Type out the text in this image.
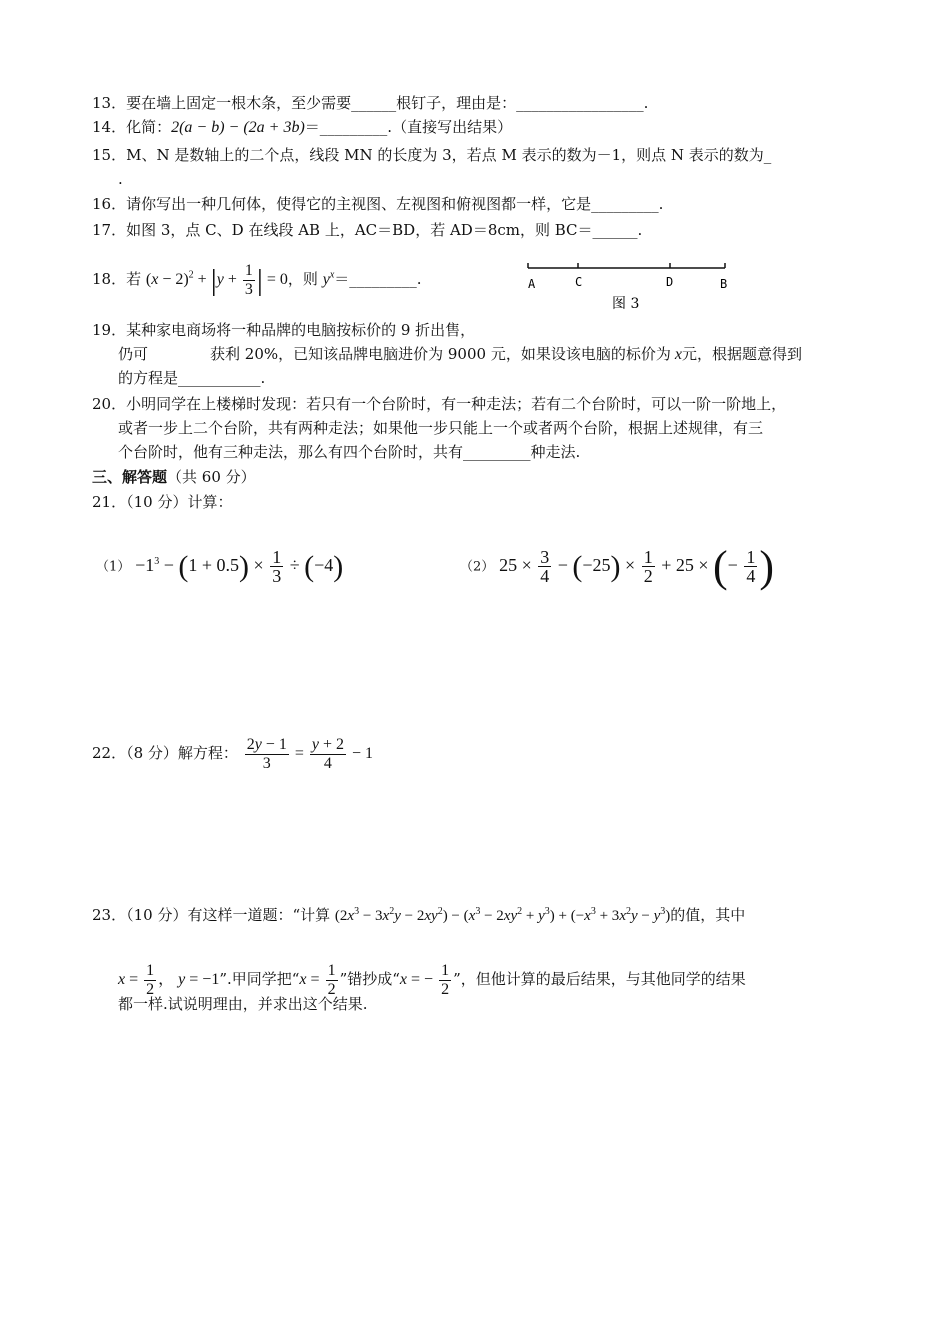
13．要在墙上固定一根木条，至少需要______根钉子，理由是：_________________.
14．化简：2(a − b) − (2a + 3b)＝_________.（直接写出结果）
15．M、N 是数轴上的二个点，线段 MN 的长度为 3，若点 M 表示的数为－1，则点 N 表示的数为_
.
16．请你写出一种几何体，使得它的主视图、左视图和俯视图都一样，它是_________.
17．如图 3，点 C、D 在线段 AB 上，AC＝BD，若 AD＝8cm，则 BC＝______.
18．若 $(x - 2)^2 + |y + \frac{1}{3}$ | = 0，则 $y^x=\_\_\_\_\_\_\_\_\_$.	A	C	D	B
图 3
19．某种家电商场将一种品牌的电脑按标价的 9 折出售，
仍可	获利 20%，已知该品牌电脑进价为 9000 元，如果设该电脑的标价为 x元，根据题意得到
的方程是___________.
20．小明同学在上楼梯时发现：若只有一个台阶时，有一种走法；若有二个台阶时，可以一阶一阶地上，
或者一步上二个台阶，共有两种走法；如果他一步只能上一个或者两个台阶，根据上述规律，有三
个台阶时，他有三种走法，那么有四个台阶时，共有_________种走法.
三、解答题（共 60 分）
21．（10 分）计算：
$(1) -1^3 - (1 + 0.5) \times \frac{1}{3} \div (-4)$	（2） $25 \times \frac{3}{4} - (-25) \times \frac{1}{2} + 25$ × (− $\frac{1}{4}$ )
22．（8 分）解方程： $\frac{2y - 1}{3} = \frac{y + 2}{4} - 1$
23．（10 分）有这样一道题：“计算 $(2x^3 - 3x^2y - 2xy^2) - (x^3 - 2xy^2 + y^3) + (-x^3 + 3x^2y - y^3)$的值，其中
$x = \frac{1}{2}$ ， y = −1”.甲同学把“$x = \frac{1}{2}$ ”错抄成“x = − $\frac{1}{2}$ ”，但他计算的最后结果，与其他同学的结果
都一样.试说明理由，并求出这个结果.
